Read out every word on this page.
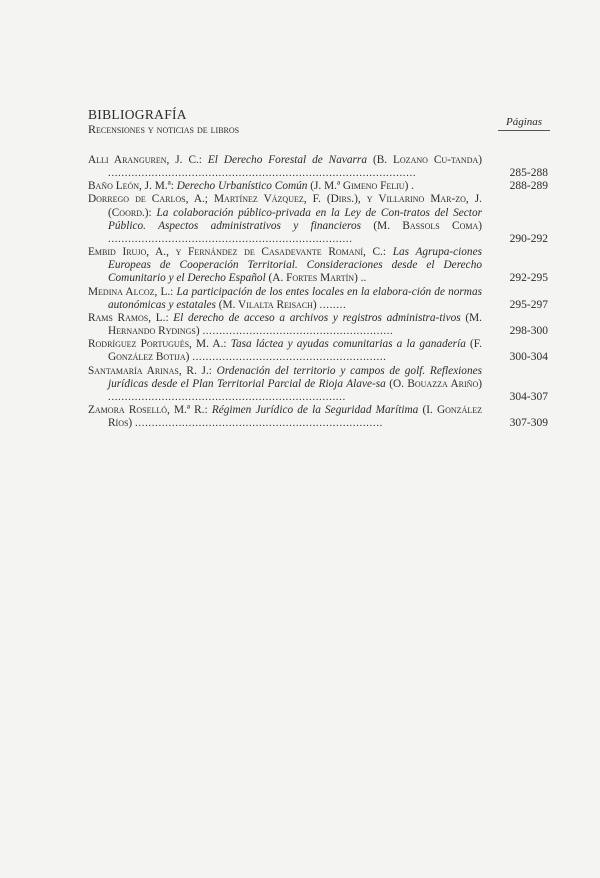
BIBLIOGRAFÍA
Recensiones y noticias de libros	Páginas
Alli Aranguren, J. C.: El Derecho Forestal de Navarra (B. Lozano Cu-tanda) ............................................................................................	285-288
Baño León, J. M.ª: Derecho Urbanístico Común (J. M.ª Gimeno Feliu) .	288-289
Dorrego de Carlos, A.; Martínez Vázquez, F. (Dirs.), y Villarino Mar-zo, J. (Coord.): La colaboración público-privada en la Ley de Con-tratos del Sector Público. Aspectos administrativos y financieros (M. Bassols Coma) .........................................................................	290-292
Embid Irujo, A., y Fernández de Casadevante Romaní, C.: Las Agrupa-ciones Europeas de Cooperación Territorial. Consideraciones desde el Derecho Comunitario y el Derecho Español (A. Fortes Martín) ..	292-295
Medina Alcoz, L.: La participación de los entes locales en la elabora-ción de normas autonómicas y estatales (M. Vilalta Reisach) ........	295-297
Rams Ramos, L.: El derecho de acceso a archivos y registros administra-tivos (M. Hernando Rydings) .........................................................	298-300
Rodríguez Portugués, M. A.: Tasa láctea y ayudas comunitarias a la ganadería (F. González Botija) ..........................................................	300-304
Santamaría Arinas, R. J.: Ordenación del territorio y campos de golf. Reflexiones jurídicas desde el Plan Territorial Parcial de Rioja Alave-sa (O. Bouazza Ariño) .......................................................................	304-307
Zamora Roselló, M.ª R.: Régimen Jurídico de la Seguridad Marítima (I. González Ríos) ..........................................................................	307-309
